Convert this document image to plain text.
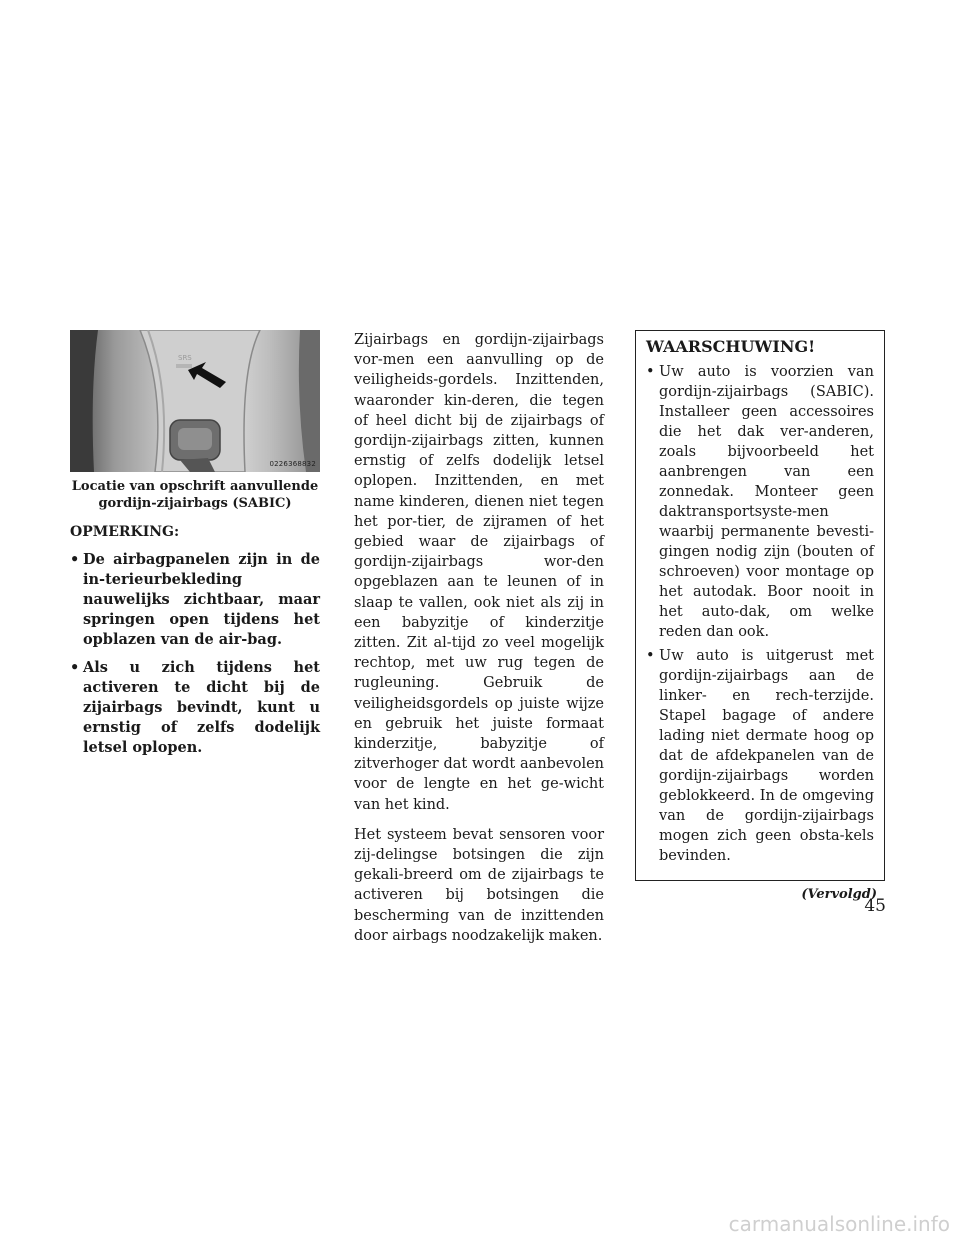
SRS
0226368832
Locatie van opschrift aanvullende
gordijn-zijairbags (SABIC)
OPMERKING:
• De airbagpanelen zijn in de in-terieurbekleding nauwelijks zichtbaar, maar springen open tijdens het opblazen van de air-bag.
• Als u zich tijdens het activeren te dicht bij de zijairbags bevindt, kunt u ernstig of zelfs dodelijk letsel oplopen.

Zijairbags en gordijn-zijairbags vor-men een aanvulling op de veiligheids-gordels. Inzittenden, waaronder kin-deren, die tegen of heel dicht bij de zijairbags of gordijn-zijairbags zitten, kunnen ernstig of zelfs dodelijk letsel oplopen. Inzittenden, en met name kinderen, dienen niet tegen het por-tier, de zijramen of het gebied waar de zijairbags of gordijn-zijairbags wor-den opgeblazen aan te leunen of in slaap te vallen, ook niet als zij in een babyzitje of kinderzitje zitten. Zit al-tijd zo veel mogelijk rechtop, met uw rug tegen de rugleuning. Gebruik de veiligheidsgordels op juiste wijze en gebruik het juiste formaat kinderzitje, babyzitje of zitverhoger dat wordt aanbevolen voor de lengte en het ge-wicht van het kind.

Het systeem bevat sensoren voor zij-delingse botsingen die zijn gekali-breerd om de zijairbags te activeren bij botsingen die bescherming van de inzittenden door airbags noodzakelijk maken.

WAARSCHUWING!
• Uw auto is voorzien van gordijn-zijairbags (SABIC). Installeer geen accessoires die het dak ver-anderen, zoals bijvoorbeeld het aanbrengen van een zonnedak. Monteer geen daktransportsyste-men waarbij permanente bevesti-gingen nodig zijn (bouten of schroeven) voor montage op het autodak. Boor nooit in het auto-dak, om welke reden dan ook.
• Uw auto is uitgerust met gordijn-zijairbags aan de linker- en rech-terzijde. Stapel bagage of andere lading niet dermate hoog op dat de afdekpanelen van de gordijn-zijairbags worden geblokkeerd. In de omgeving van de gordijn-zijairbags mogen zich geen obsta-kels bevinden.
(Vervolgd)
45
carmanualsonline.info
